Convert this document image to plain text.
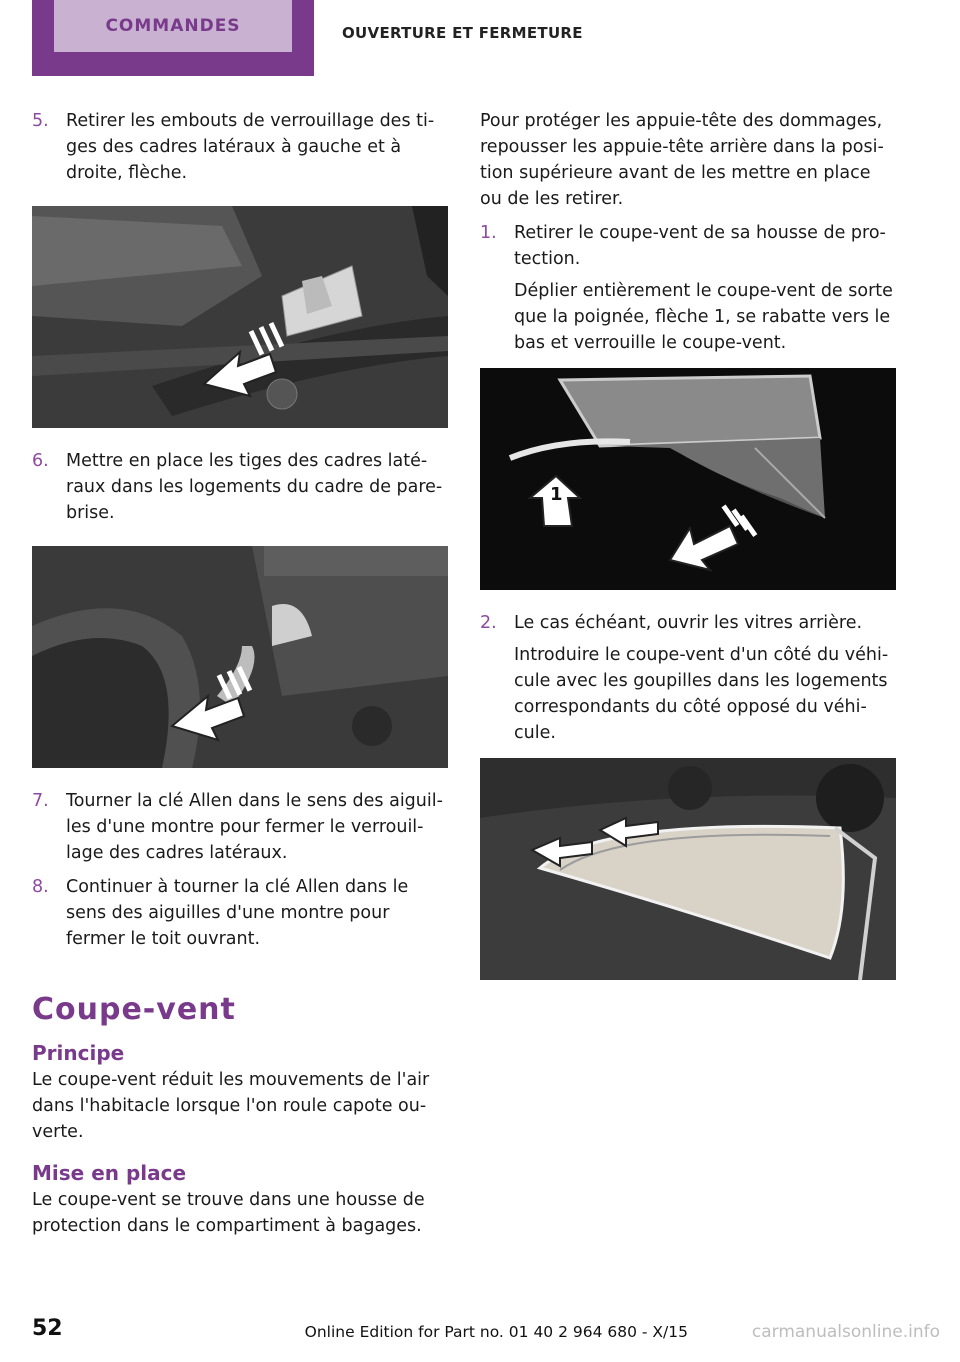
COMMANDES	OUVERTURE ET FERMETURE
5. Retirer les embouts de verrouillage des tiges des cadres latéraux à gauche et à droite, flèche.
6. Mettre en place les tiges des cadres latéraux dans les logements du cadre de pare-brise.
7. Tourner la clé Allen dans le sens des aiguilles d'une montre pour fermer le verrouillage des cadres latéraux.
8. Continuer à tourner la clé Allen dans le sens des aiguilles d'une montre pour fermer le toit ouvrant.
Coupe-vent
Principe

Le coupe-vent réduit les mouvements de l'air dans l'habitacle lorsque l'on roule capote ouverte.

Mise en place

Le coupe-vent se trouve dans une housse de protection dans le compartiment à bagages.

Pour protéger les appuie-tête des dommages, repousser les appuie-tête arrière dans la position supérieure avant de les mettre en place ou de les retirer.

1. Retirer le coupe-vent de sa housse de protection.
Déplier entièrement le coupe-vent de sorte que la poignée, flèche 1, se rabatte vers le bas et verrouille le coupe-vent.
1
2. Le cas échéant, ouvrir les vitres arrière.
Introduire le coupe-vent d'un côté du véhicule avec les goupilles dans les logements correspondants du côté opposé du véhicule.
52	Online Edition for Part no. 01 40 2 964 680 - X/15	carmanualsonline.info
